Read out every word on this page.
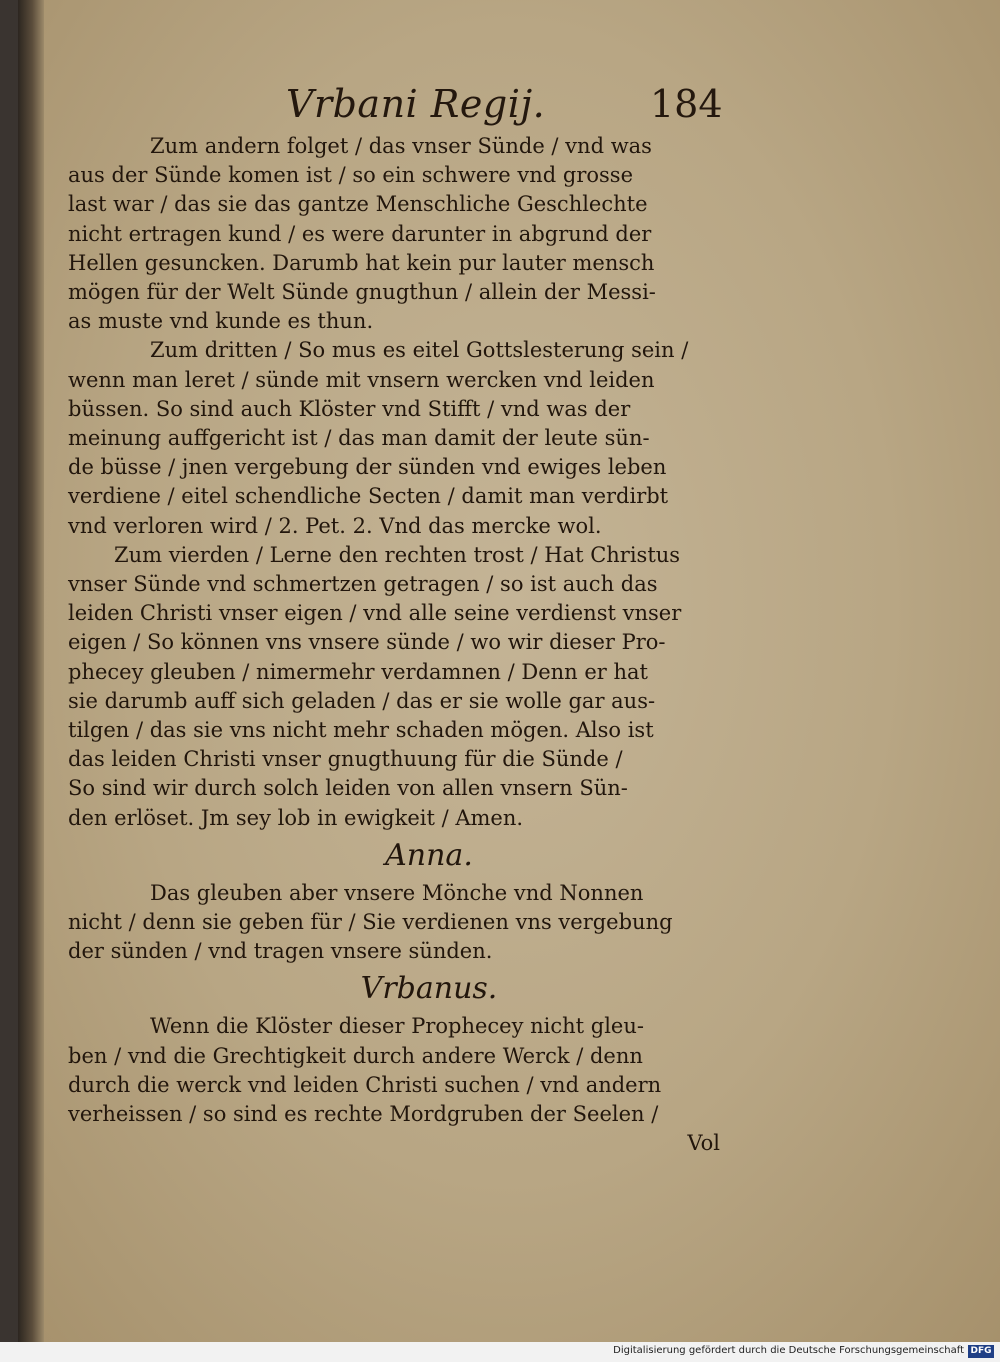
Vrbani Regij.	184

Zum andern folget / das vnser Sünde / vnd was
aus der Sünde komen ist / so ein schwere vnd grosse
last war / das sie das gantze Menschliche Geschlechte
nicht ertragen kund / es were darunter in abgrund der
Hellen gesuncken. Darumb hat kein pur lauter mensch
mögen für der Welt Sünde gnugthun / allein der Messi-
as muste vnd kunde es thun.

Zum dritten / So mus es eitel Gottslesterung sein /
wenn man leret / sünde mit vnsern wercken vnd leiden
büssen. So sind auch Klöster vnd Stifft / vnd was der
meinung auffgericht ist / das man damit der leute sün-
de büsse / jnen vergebung der sünden vnd ewiges leben
verdiene / eitel schendliche Secten / damit man verdirbt
vnd verloren wird / 2. Pet. 2. Vnd das mercke wol.

Zum vierden / Lerne den rechten trost / Hat Christus
vnser Sünde vnd schmertzen getragen / so ist auch das
leiden Christi vnser eigen / vnd alle seine verdienst vnser
eigen / So können vns vnsere sünde / wo wir dieser Pro-
phecey gleuben / nimermehr verdamnen / Denn er hat
sie darumb auff sich geladen / das er sie wolle gar aus-
tilgen / das sie vns nicht mehr schaden mögen. Also ist
das leiden Christi vnser gnugthuung für die Sünde /
So sind wir durch solch leiden von allen vnsern Sün-
den erlöset. Jm sey lob in ewigkeit / Amen.

Anna.

Das gleuben aber vnsere Mönche vnd Nonnen
nicht / denn sie geben für / Sie verdienen vns vergebung
der sünden / vnd tragen vnsere sünden.

Vrbanus.

Wenn die Klöster dieser Prophecey nicht gleu-
ben / vnd die Grechtigkeit durch andere Werck / denn
durch die werck vnd leiden Christi suchen / vnd andern
verheissen / so sind es rechte Mordgruben der Seelen /

Vol

Digitalisierung gefördert durch die Deutsche Forschungsgemeinschaft DFG
